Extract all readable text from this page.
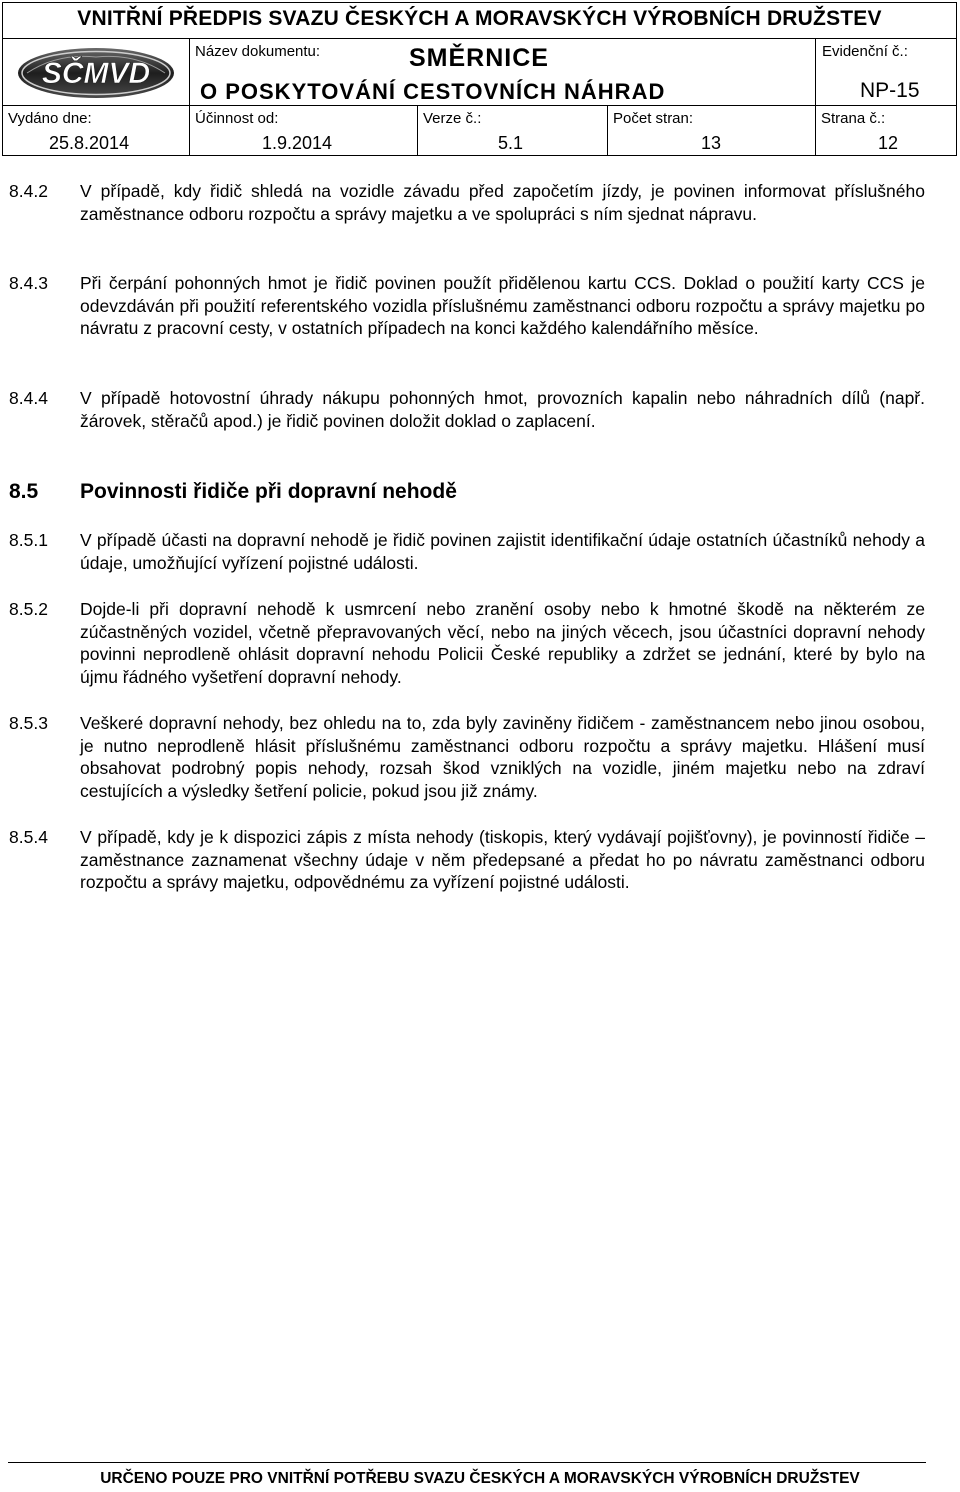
VNITŘNÍ PŘEDPIS SVAZU ČESKÝCH A MORAVSKÝCH VÝROBNÍCH DRUŽSTEV
SČMVD
Název dokumentu:	SMĚRNICE
O POSKYTOVÁNÍ CESTOVNÍCH NÁHRAD
Evidenční č.:
NP-15
Vydáno dne:
25.8.2014
Účinnost od:
1.9.2014
Verze č.:
5.1
Počet stran:
13
Strana č.:
12
8.4.2 V případě, kdy řidič shledá na vozidle závadu před započetím jízdy, je povinen informovat příslušného zaměstnance odboru rozpočtu a správy majetku a ve spolupráci s ním sjednat nápravu.
8.4.3 Při čerpání pohonných hmot je řidič povinen použít přidělenou kartu CCS. Doklad o použití karty CCS je odevzdáván při použití referentského vozidla příslušnému zaměstnanci odboru rozpočtu a správy majetku po návratu z pracovní cesty, v ostatních případech na konci každého kalendářního měsíce.
8.4.4 V případě hotovostní úhrady nákupu pohonných hmot, provozních kapalin nebo náhradních dílů (např. žárovek, stěračů apod.) je řidič povinen doložit doklad o zaplacení.
8.5 Povinnosti řidiče při dopravní nehodě
8.5.1 V případě účasti na dopravní nehodě je řidič povinen zajistit identifikační údaje ostatních účastníků nehody a údaje, umožňující vyřízení pojistné události.
8.5.2 Dojde-li při dopravní nehodě k usmrcení nebo zranění osoby nebo k hmotné škodě na některém ze zúčastněných vozidel, včetně přepravovaných věcí, nebo na jiných věcech, jsou účastníci dopravní nehody povinni neprodleně ohlásit dopravní nehodu Policii České republiky a zdržet se jednání, které by bylo na újmu řádného vyšetření dopravní nehody.
8.5.3 Veškeré dopravní nehody, bez ohledu na to, zda byly zaviněny řidičem - zaměstnancem nebo jinou osobou, je nutno neprodleně hlásit příslušnému zaměstnanci odboru rozpočtu a správy majetku. Hlášení musí obsahovat podrobný popis nehody, rozsah škod vzniklých na vozidle, jiném majetku nebo na zdraví cestujících a výsledky šetření policie, pokud jsou již známy.
8.5.4 V případě, kdy je k dispozici zápis z místa nehody (tiskopis, který vydávají pojišťovny), je povinností řidiče – zaměstnance zaznamenat všechny údaje v něm předepsané a předat ho po návratu zaměstnanci odboru rozpočtu a správy majetku, odpovědnému za vyřízení pojistné události.
URČENO POUZE PRO VNITŘNÍ POTŘEBU SVAZU ČESKÝCH A MORAVSKÝCH VÝROBNÍCH DRUŽSTEV
